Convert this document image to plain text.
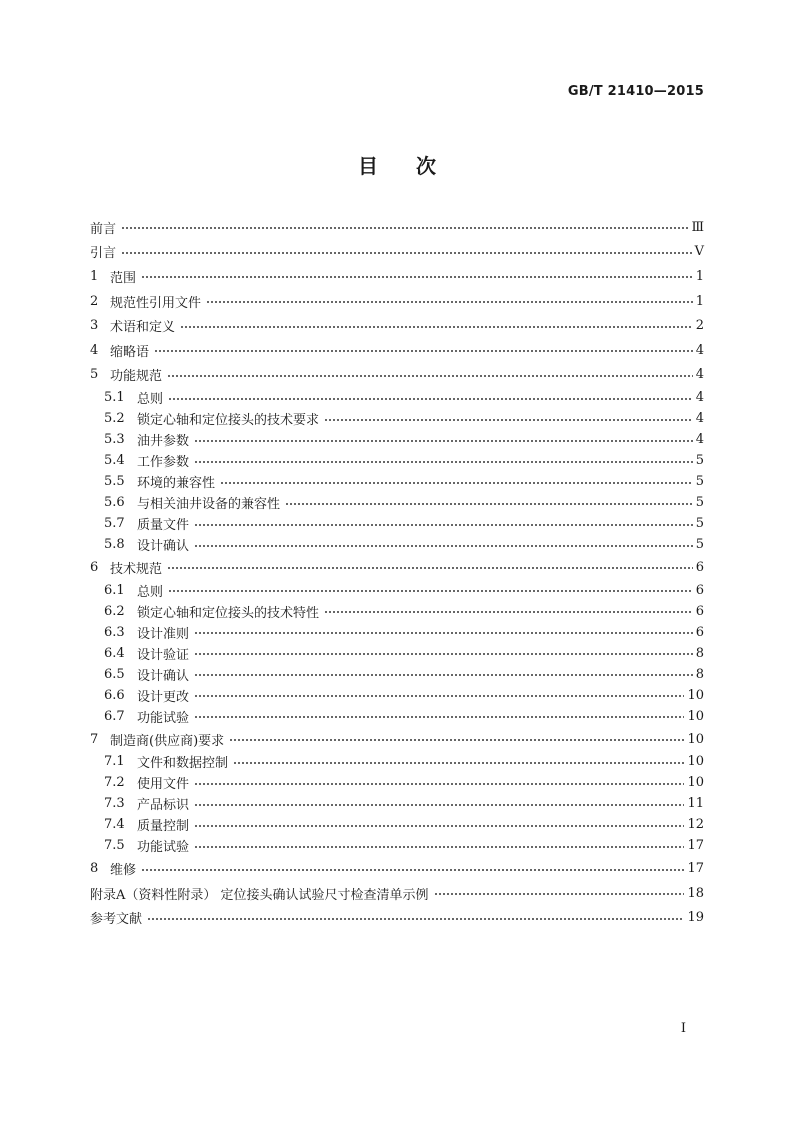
GB/T 21410—2015
目次
前言	Ⅲ
引言	Ⅴ
1 范围	1
2 规范性引用文件	1
3 术语和定义	2
4 缩略语	4
5 功能规范	4
5.1 总则	4
5.2 锁定心轴和定位接头的技术要求	4
5.3 油井参数	4
5.4 工作参数	5
5.5 环境的兼容性	5
5.6 与相关油井设备的兼容性	5
5.7 质量文件	5
5.8 设计确认	5
6 技术规范	6
6.1 总则	6
6.2 锁定心轴和定位接头的技术特性	6
6.3 设计准则	6
6.4 设计验证	8
6.5 设计确认	8
6.6 设计更改	10
6.7 功能试验	10
7 制造商(供应商)要求	10
7.1 文件和数据控制	10
7.2 使用文件	10
7.3 产品标识	11
7.4 质量控制	12
7.5 功能试验	17
8 维修	17
附录A（资料性附录） 定位接头确认试验尺寸检查清单示例	18
参考文献	19
I
